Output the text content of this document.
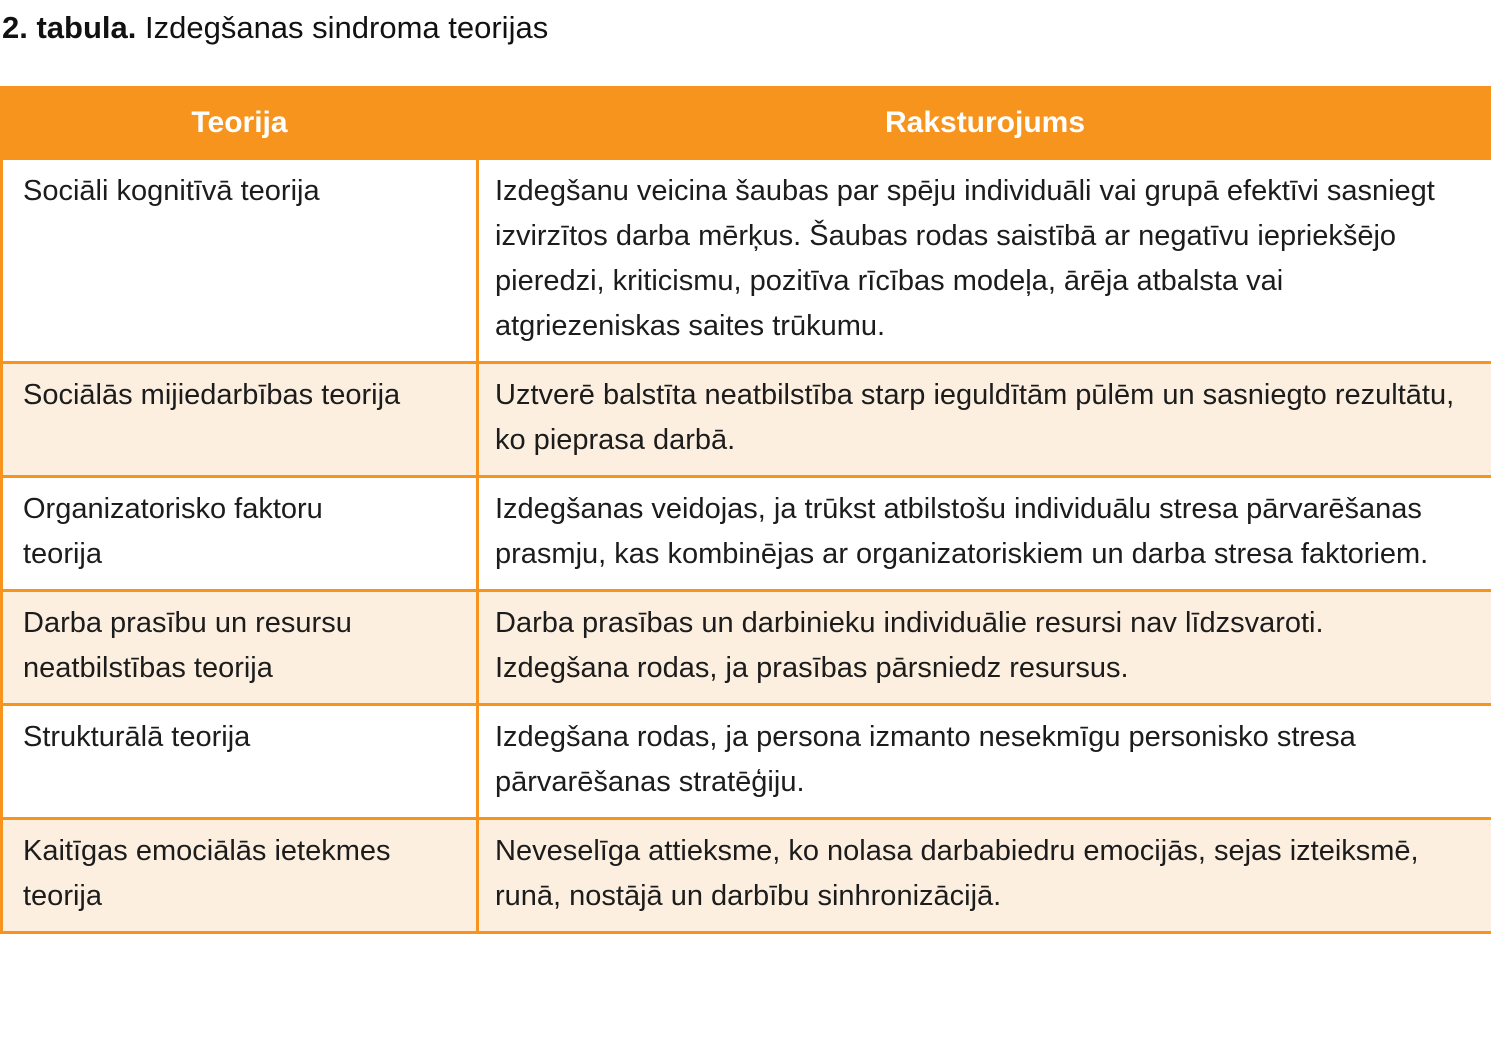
2. tabula. Izdegšanas sindroma teorijas
Teorija	Raksturojums
Sociāli kognitīvā teorija	Izdegšanu veicina šaubas par spēju individuāli vai grupā efektīvi sasniegt izvirzītos darba mērķus. Šaubas rodas saistībā ar negatīvu iepriekšējo pieredzi, kriticismu, pozitīva rīcības modeļa, ārēja atbalsta vai atgriezeniskas saites trūkumu.
Sociālās mijiedarbības teorija	Uztverē balstīta neatbilstība starp ieguldītām pūlēm un sasniegto rezultātu, ko pieprasa darbā.
Organizatorisko faktoru teorija	Izdegšanas veidojas, ja trūkst atbilstošu individuālu stresa pārvarēšanas prasmju, kas kombinējas ar organizatoriskiem un darba stresa faktoriem.
Darba prasību un resursu neatbilstības teorija	Darba prasības un darbinieku individuālie resursi nav līdzsvaroti. Izdegšana rodas, ja prasības pārsniedz resursus.
Strukturālā teorija	Izdegšana rodas, ja persona izmanto nesekmīgu personisko stresa pārvarēšanas stratēģiju.
Kaitīgas emociālās ietekmes teorija	Neveselīga attieksme, ko nolasa darbabiedru emocijās, sejas izteiksmē, runā, nostājā un darbību sinhronizācijā.
